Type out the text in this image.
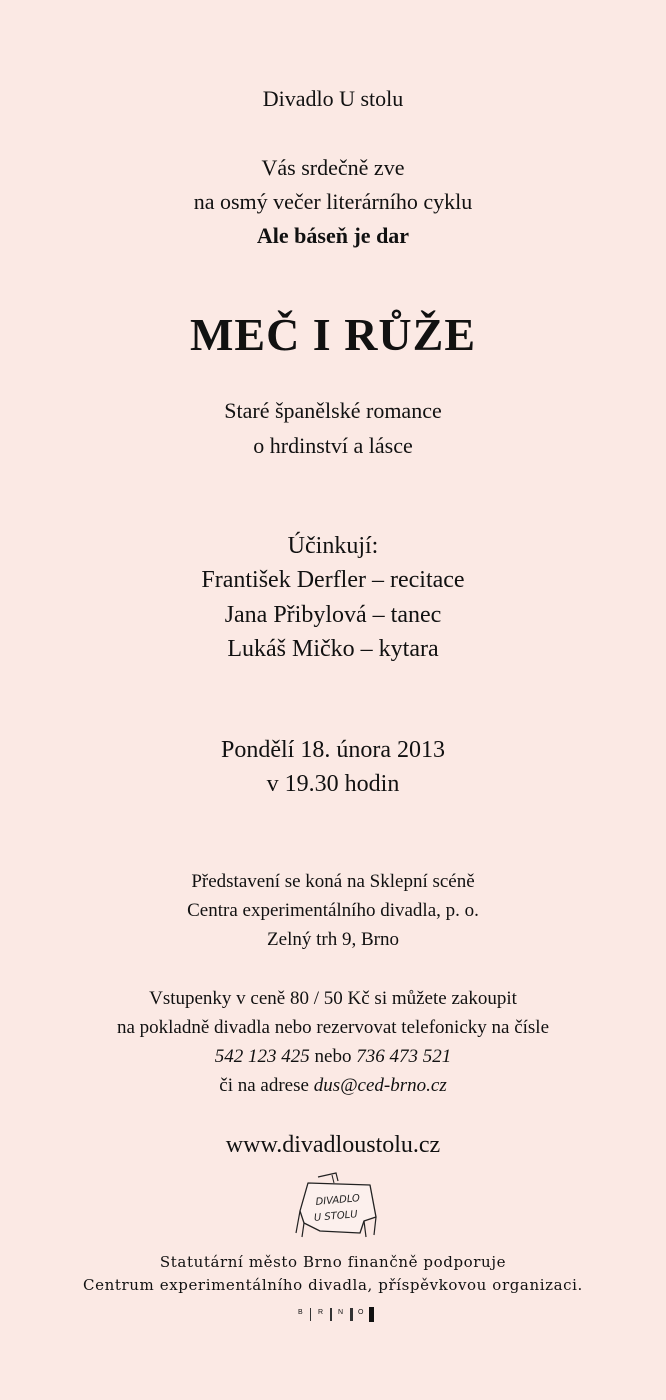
Divadlo U stolu
Vás srdečně zve
na osmý večer literárního cyklu
Ale báseň je dar
MEČ I RŮŽE
Staré španělské romance
o hrdinství a lásce
Účinkují:
František Derfler – recitace
Jana Přibylová – tanec
Lukáš Mičko – kytara
Pondělí 18. února 2013
v 19.30 hodin
Představení se koná na Sklepní scéně
Centra experimentálního divadla, p. o.
Zelný trh 9, Brno
Vstupenky v ceně 80 / 50 Kč si můžete zakoupit
na pokladně divadla nebo rezervovat telefonicky na čísle
542 123 425 nebo 736 473 521
či na adrese dus@ced-brno.cz
www.divadloustolu.cz
DIVADLO
U STOLU
Statutární město Brno finančně podporuje
Centrum experimentálního divadla, příspěvkovou organizaci.
B R N O
